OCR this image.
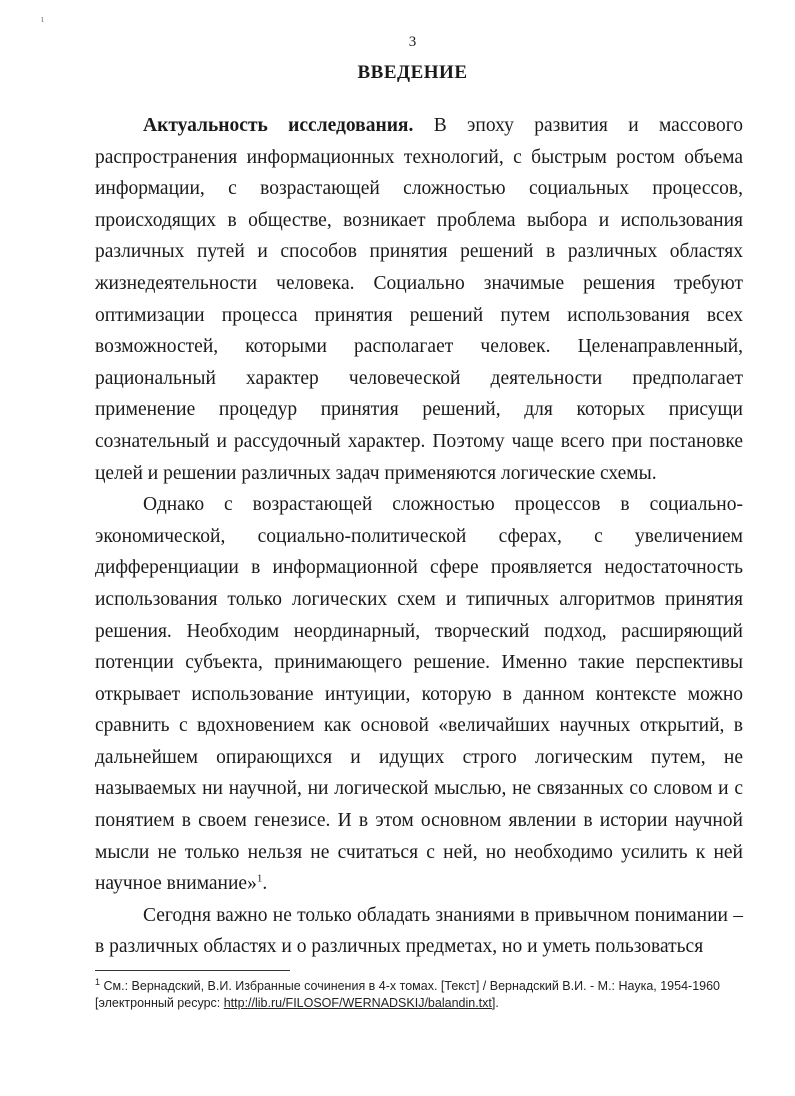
ι
3
ВВЕДЕНИЕ

Актуальность исследования. В эпоху развития и массового распространения информационных технологий, с быстрым ростом объема информации, с возрастающей сложностью социальных процессов, происходящих в обществе, возникает проблема выбора и использования различных путей и способов принятия решений в различных областях жизнедеятельности человека. Социально значимые решения требуют оптимизации процесса принятия решений путем использования всех возможностей, которыми располагает человек. Целенаправленный, рациональный характер человеческой деятельности предполагает применение процедур принятия решений, для которых присущи сознательный и рассудочный характер. Поэтому чаще всего при постановке целей и решении различных задач применяются логические схемы.

Однако с возрастающей сложностью процессов в социально-экономической, социально-политической сферах, с увеличением дифференциации в информационной сфере проявляется недостаточность использования только логических схем и типичных алгоритмов принятия решения. Необходим неординарный, творческий подход, расширяющий потенции субъекта, принимающего решение. Именно такие перспективы открывает использование интуиции, которую в данном контексте можно сравнить с вдохновением как основой «величайших научных открытий, в дальнейшем опирающихся и идущих строго логическим путем, не называемых ни научной, ни логической мыслью, не связанных со словом и с понятием в своем генезисе. И в этом основном явлении в истории научной мысли не только нельзя не считаться с ней, но необходимо усилить к ней научное внимание»$^1$.

Сегодня важно не только обладать знаниями в привычном понимании – в различных областях и о различных предметах, но и уметь пользоваться

$^1$ См.: Вернадский, В.И. Избранные сочинения в 4-х томах. [Текст] / Вернадский В.И. - М.: Наука, 1954-1960 [электронный ресурс: http://lib.ru/FILOSOF/WERNADSKIJ/balandin.txt].
